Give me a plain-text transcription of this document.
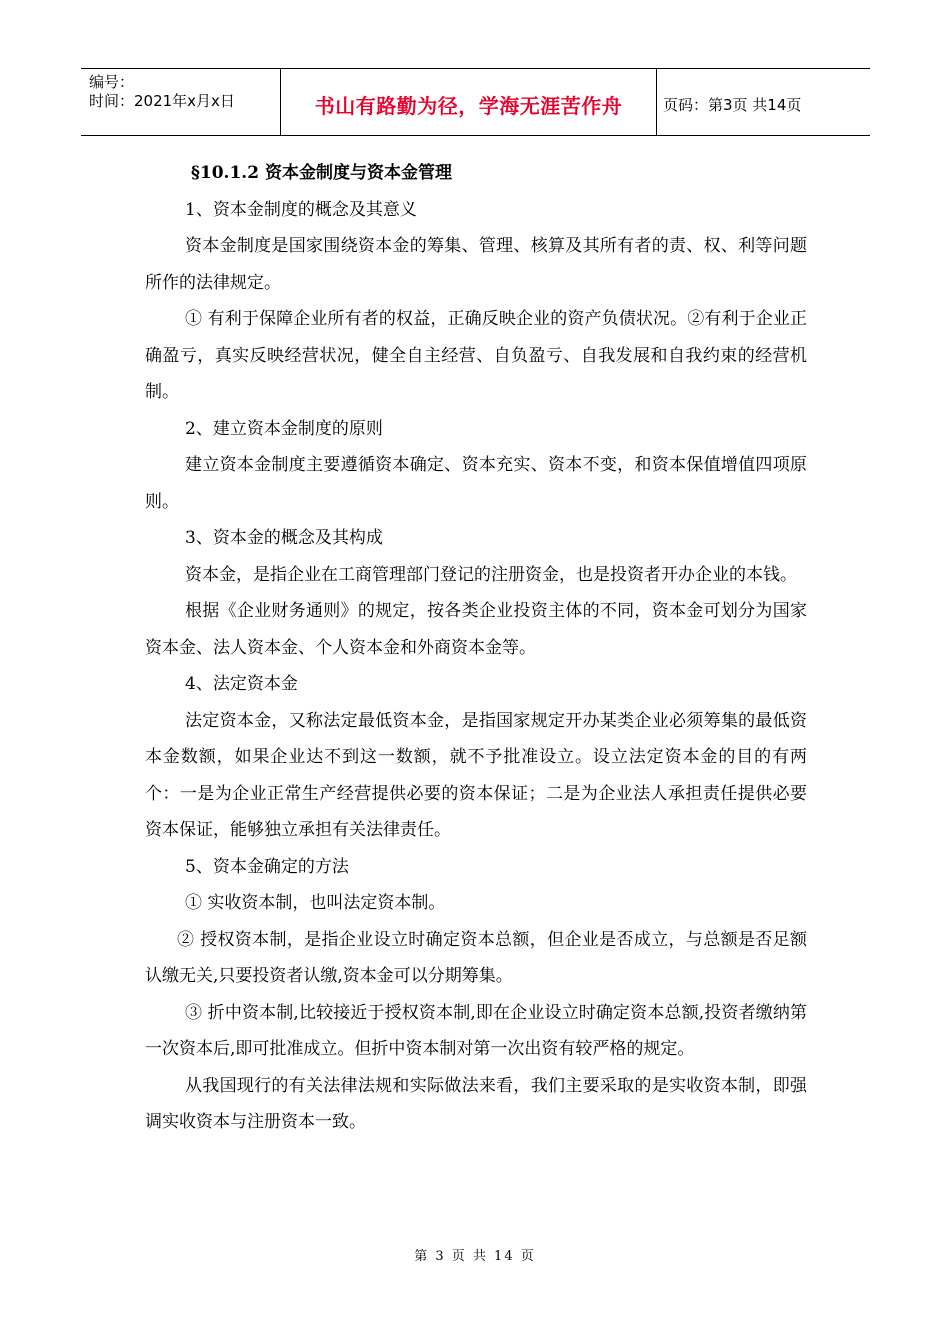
编号：
时间：2021年x月x日	书山有路勤为径，学海无涯苦作舟	页码：第3页 共14页

§10.1.2 资本金制度与资本金管理

1、资本金制度的概念及其意义

资本金制度是国家围绕资本金的筹集、管理、核算及其所有者的责、权、利等问题所作的法律规定。

① 有利于保障企业所有者的权益，正确反映企业的资产负债状况。②有利于企业正确盈亏，真实反映经营状况，健全自主经营、自负盈亏、自我发展和自我约束的经营机制。

2、建立资本金制度的原则

建立资本金制度主要遵循资本确定、资本充实、资本不变，和资本保值增值四项原则。

3、资本金的概念及其构成

资本金，是指企业在工商管理部门登记的注册资金，也是投资者开办企业的本钱。

根据《企业财务通则》的规定，按各类企业投资主体的不同，资本金可划分为国家资本金、法人资本金、个人资本金和外商资本金等。

4、法定资本金

法定资本金，又称法定最低资本金，是指国家规定开办某类企业必须筹集的最低资本金数额，如果企业达不到这一数额，就不予批准设立。设立法定资本金的目的有两个：一是为企业正常生产经营提供必要的资本保证；二是为企业法人承担责任提供必要资本保证，能够独立承担有关法律责任。

5、资本金确定的方法

① 实收资本制，也叫法定资本制。

② 授权资本制，是指企业设立时确定资本总额，但企业是否成立，与总额是否足额认缴无关,只要投资者认缴,资本金可以分期筹集。

③ 折中资本制,比较接近于授权资本制,即在企业设立时确定资本总额,投资者缴纳第一次资本后,即可批准成立。但折中资本制对第一次出资有较严格的规定。

从我国现行的有关法律法规和实际做法来看，我们主要采取的是实收资本制，即强调实收资本与注册资本一致。

第 3 页 共 14 页
